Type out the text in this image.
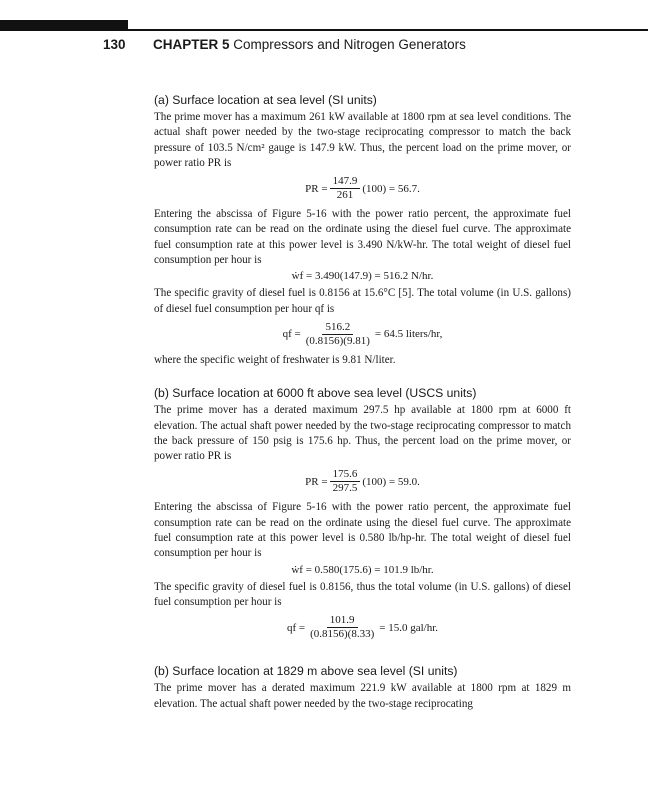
130 CHAPTER 5 Compressors and Nitrogen Generators
(a) Surface location at sea level (SI units)

The prime mover has a maximum 261 kW available at 1800 rpm at sea level conditions. The actual shaft power needed by the two-stage reciprocating compressor to match the back pressure of 103.5 N/cm² gauge is 147.9 kW. Thus, the percent load on the prime mover, or power ratio PR is

PR = $\frac{147.9}{261} (100) = 56.7$.

Entering the abscissa of Figure 5-16 with the power ratio percent, the approximate fuel consumption rate can be read on the ordinate using the diesel fuel curve. The approximate fuel consumption rate at this power level is 3.490 N/kW-hr. The total weight of diesel fuel consumption per hour is

ẇf = 3.490(147.9) = 516.2 N/hr.

The specific gravity of diesel fuel is 0.8156 at 15.6°C [5]. The total volume (in U.S. gallons) of diesel fuel consumption per hour qf is

qf = $\frac{516.2}{(0.8156)(9.81)} = 64.5$ liters/hr,

where the specific weight of freshwater is 9.81 N/liter.

(b) Surface location at 6000 ft above sea level (USCS units)

The prime mover has a derated maximum 297.5 hp available at 1800 rpm at 6000 ft elevation. The actual shaft power needed by the two-stage reciprocating compressor to match the back pressure of 150 psig is 175.6 hp. Thus, the percent load on the prime mover, or power ratio PR is

PR = $\frac{175.6}{297.5} (100) = 59.0$.

Entering the abscissa of Figure 5-16 with the power ratio percent, the approximate fuel consumption rate can be read on the ordinate using the diesel fuel curve. The approximate fuel consumption rate at this power level is 0.580 lb/hp-hr. The total weight of diesel fuel consumption per hour is

ẇf = 0.580(175.6) = 101.9 lb/hr.

The specific gravity of diesel fuel is 0.8156, thus the total volume (in U.S. gallons) of diesel fuel consumption per hour is

qf = $\frac{101.9}{(0.8156)(8.33)} = 15.0$ gal/hr.
(b) Surface location at 1829 m above sea level (SI units)

The prime mover has a derated maximum 221.9 kW available at 1800 rpm at 1829 m elevation. The actual shaft power needed by the two-stage reciprocating
